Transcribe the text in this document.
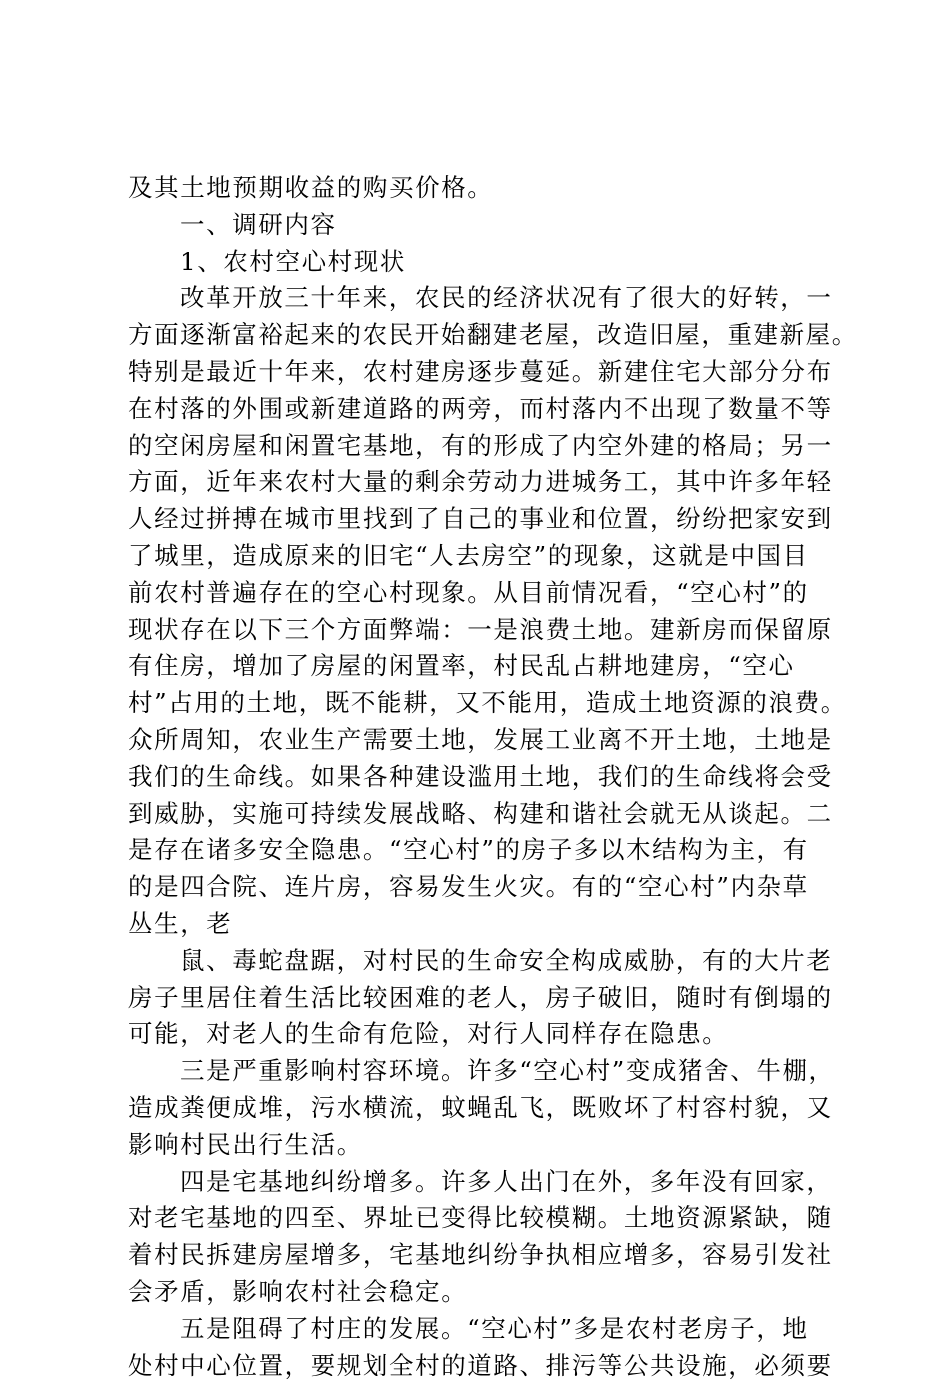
及其土地预期收益的购买价格。
一、调研内容
1、农村空心村现状
改革开放三十年来，农民的经济状况有了很大的好转，一
方面逐渐富裕起来的农民开始翻建老屋，改造旧屋，重建新屋。
特别是最近十年来，农村建房逐步蔓延。新建住宅大部分分布
在村落的外围或新建道路的两旁，而村落内不出现了数量不等
的空闲房屋和闲置宅基地，有的形成了内空外建的格局；另一
方面，近年来农村大量的剩余劳动力进城务工，其中许多年轻
人经过拼搏在城市里找到了自己的事业和位置，纷纷把家安到
了城里，造成原来的旧宅“人去房空”的现象，这就是中国目
前农村普遍存在的空心村现象。从目前情况看，“空心村”的
现状存在以下三个方面弊端：一是浪费土地。建新房而保留原
有住房，增加了房屋的闲置率，村民乱占耕地建房，“空心
村”占用的土地，既不能耕，又不能用，造成土地资源的浪费。
众所周知，农业生产需要土地，发展工业离不开土地，土地是
我们的生命线。如果各种建设滥用土地，我们的生命线将会受
到威胁，实施可持续发展战略、构建和谐社会就无从谈起。二
是存在诸多安全隐患。“空心村”的房子多以木结构为主，有
的是四合院、连片房，容易发生火灾。有的“空心村”内杂草
丛生，老
鼠、毒蛇盘踞，对村民的生命安全构成威胁，有的大片老
房子里居住着生活比较困难的老人，房子破旧，随时有倒塌的
可能，对老人的生命有危险，对行人同样存在隐患。
三是严重影响村容环境。许多“空心村”变成猪舍、牛棚，
造成粪便成堆，污水横流，蚊蝇乱飞，既败坏了村容村貌，又
影响村民出行生活。
四是宅基地纠纷增多。许多人出门在外，多年没有回家，
对老宅基地的四至、界址已变得比较模糊。土地资源紧缺，随
着村民拆建房屋增多，宅基地纠纷争执相应增多，容易引发社
会矛盾，影响农村社会稳定。
五是阻碍了村庄的发展。“空心村”多是农村老房子，地
处村中心位置，要规划全村的道路、排污等公共设施，必须要
